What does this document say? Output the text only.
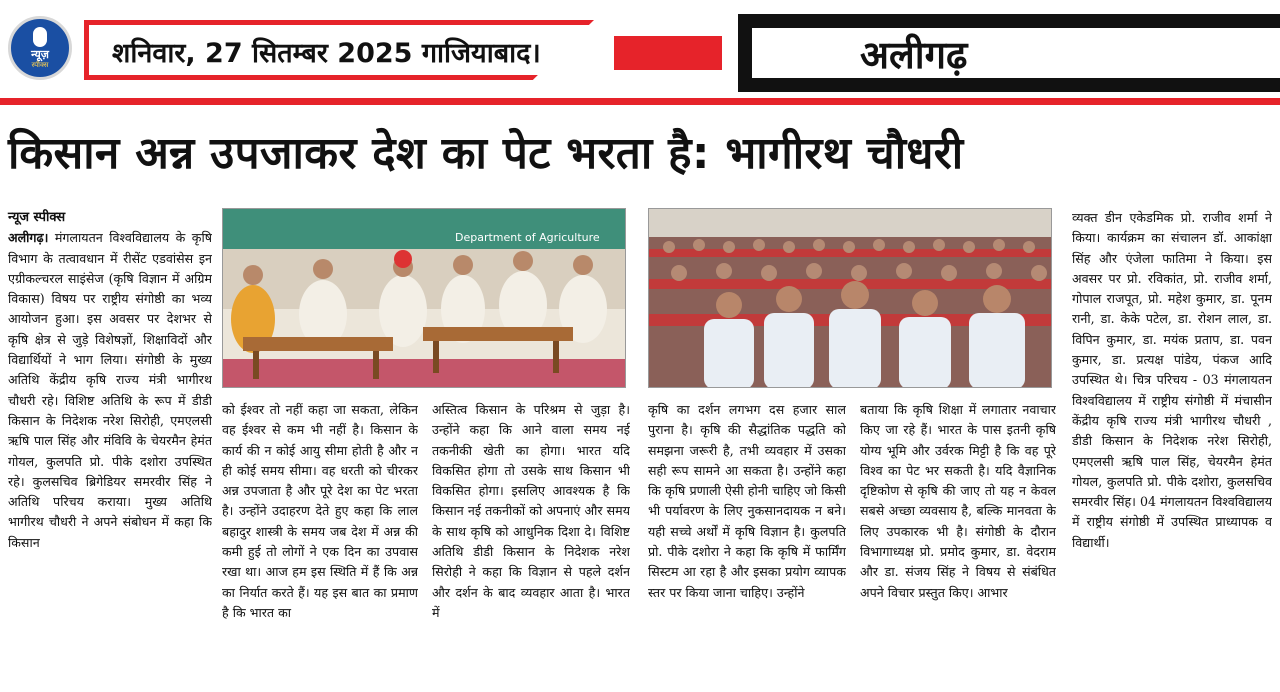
न्यूज़
स्पीक्स शनिवार, 27 सितम्बर 2025 गाजियाबाद।	अलीगढ़
किसान अन्न उपजाकर देश का पेट भरता है: भागीरथ चौधरी
न्यूज स्पीक्स

अलीगढ़। मंगलायतन विश्वविद्यालय के कृषि विभाग के तत्वावधान में रीसेंट एडवांसेस इन एग्रीकल्चरल साइंसेज (कृषि विज्ञान में अग्रिम विकास) विषय पर राष्ट्रीय संगोष्ठी का भव्य आयोजन हुआ। इस अवसर पर देशभर से कृषि क्षेत्र से जुड़े विशेषज्ञों, शिक्षाविदों और विद्यार्थियों ने भाग लिया। संगोष्ठी के मुख्य अतिथि केंद्रीय कृषि राज्य मंत्री भागीरथ चौधरी रहे। विशिष्ट अतिथि के रूप में डीडी किसान के निदेशक नरेश सिरोही, एमएलसी ऋषि पाल सिंह और मंविवि के चेयरमैन हेमंत गोयल, कुलपति प्रो. पीके दशोरा उपस्थित रहे। कुलसचिव ब्रिगेडियर समरवीर सिंह ने अतिथि परिचय कराया। मुख्य अतिथि भागीरथ चौधरी ने अपने संबोधन में कहा कि किसान

Department of Agriculture

को ईश्वर तो नहीं कहा जा सकता, लेकिन वह ईश्वर से कम भी नहीं है। किसान के कार्य की न कोई आयु सीमा होती है और न ही कोई समय सीमा। वह धरती को चीरकर अन्न उपजाता है और पूरे देश का पेट भरता है। उन्होंने उदाहरण देते हुए कहा कि लाल बहादुर शास्त्री के समय जब देश में अन्न की कमी हुई तो लोगों ने एक दिन का उपवास रखा था। आज हम इस स्थिति में हैं कि अन्न का निर्यात करते हैं। यह इस बात का प्रमाण है कि भारत का

अस्तित्व किसान के परिश्रम से जुड़ा है। उन्होंने कहा कि आने वाला समय नई तकनीकी खेती का होगा। भारत यदि विकसित होगा तो उसके साथ किसान भी विकसित होगा। इसलिए आवश्यक है कि किसान नई तकनीकों को अपनाएं और समय के साथ कृषि को आधुनिक दिशा दे। विशिष्ट अतिथि डीडी किसान के निदेशक नरेश सिरोही ने कहा कि विज्ञान से पहले दर्शन और दर्शन के बाद व्यवहार आता है। भारत में

कृषि का दर्शन लगभग दस हजार साल पुराना है। कृषि की सैद्धांतिक पद्धति को समझना जरूरी है, तभी व्यवहार में उसका सही रूप सामने आ सकता है। उन्होंने कहा कि कृषि प्रणाली ऐसी होनी चाहिए जो किसी भी पर्यावरण के लिए नुकसानदायक न बने। यही सच्चे अर्थों में कृषि विज्ञान है। कुलपति प्रो. पीके दशोरा ने कहा कि कृषि में फार्मिंग सिस्टम आ रहा है और इसका प्रयोग व्यापक स्तर पर किया जाना चाहिए। उन्होंने

बताया कि कृषि शिक्षा में लगातार नवाचार किए जा रहे हैं। भारत के पास इतनी कृषि योग्य भूमि और उर्वरक मिट्टी है कि वह पूरे विश्व का पेट भर सकती है। यदि वैज्ञानिक दृष्टिकोण से कृषि की जाए तो यह न केवल सबसे अच्छा व्यवसाय है, बल्कि मानवता के लिए उपकारक भी है। संगोष्ठी के दौरान विभागाध्यक्ष प्रो. प्रमोद कुमार, डा. वेदराम और डा. संजय सिंह ने विषय से संबंधित अपने विचार प्रस्तुत किए। आभार

व्यक्त डीन एकेडमिक प्रो. राजीव शर्मा ने किया। कार्यक्रम का संचालन डॉ. आकांक्षा सिंह और एंजेला फातिमा ने किया। इस अवसर पर प्रो. रविकांत, प्रो. राजीव शर्मा, गोपाल राजपूत, प्रो. महेश कुमार, डा. पूनम रानी, डा. केके पटेल, डा. रोशन लाल, डा. विपिन कुमार, डा. मयंक प्रताप, डा. पवन कुमार, डा. प्रत्यक्ष पांडेय, पंकज आदि उपस्थित थे। चित्र परिचय - 03 मंगलायतन विश्वविद्यालय में राष्ट्रीय संगोष्ठी में मंचासीन केंद्रीय कृषि राज्य मंत्री भागीरथ चौधरी , डीडी किसान के निदेशक नरेश सिरोही, एमएलसी ऋषि पाल सिंह, चेयरमैन हेमंत गोयल, कुलपति प्रो. पीके दशोरा, कुलसचिव समरवीर सिंह। 04 मंगलायतन विश्वविद्यालय में राष्ट्रीय संगोष्ठी में उपस्थित प्राध्यापक व विद्यार्थी।
